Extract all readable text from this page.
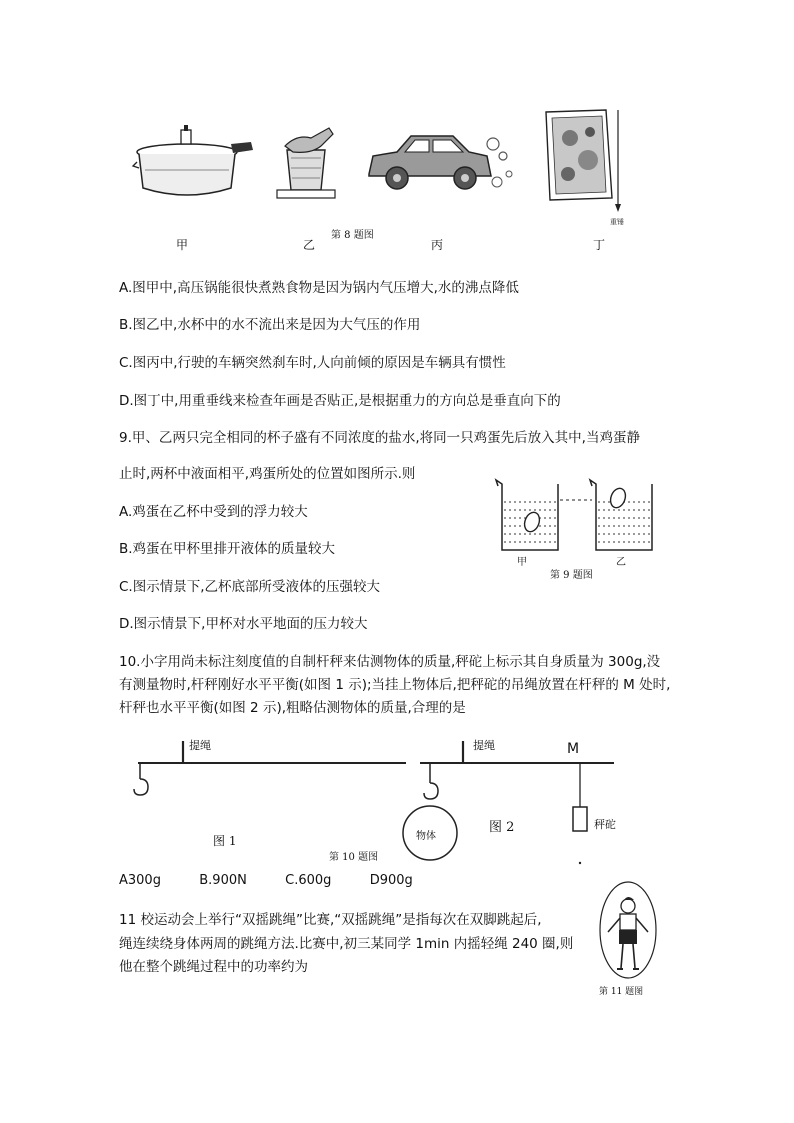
重锤
第 8 题图
甲	乙	丙	丁
A.图甲中,高压锅能很快煮熟食物是因为锅内气压增大,水的沸点降低
B.图乙中,水杯中的水不流出来是因为大气压的作用
C.图丙中,行驶的车辆突然刹车时,人向前倾的原因是车辆具有惯性
D.图丁中,用重垂线来检查年画是否贴正,是根据重力的方向总是垂直向下的
9.甲、乙两只完全相同的杯子盛有不同浓度的盐水,将同一只鸡蛋先后放入其中,当鸡蛋静
止时,两杯中液面相平,鸡蛋所处的位置如图所示.则
A.鸡蛋在乙杯中受到的浮力较大
B.鸡蛋在甲杯里排开液体的质量较大
C.图示情景下,乙杯底部所受液体的压强较大
D.图示情景下,甲杯对水平地面的压力较大
甲	乙
第 9 题图
10.小字用尚未标注刻度值的自制杆秤来估测物体的质量,秤砣上标示其自身质量为 300g,没
有测量物时,杆秤刚好水平平衡(如图 1 示);当挂上物体后,把秤砣的吊绳放置在杆秤的 M 处时,
杆秤也水平平衡(如图 2 示),粗略估测物体的质量,合理的是
提绳
图 1
提绳	M
物体
秤砣
图 2
第 10 题图
A300g	B.900N	C.600g	D900g
11 校运动会上举行“双摇跳绳”比赛,“双摇跳绳”是指每次在双脚跳起后,
绳连续绕身体两周的跳绳方法.比赛中,初三某同学 1min 内摇轻绳 240 圈,则
他在整个跳绳过程中的功率约为
第 11 题图
